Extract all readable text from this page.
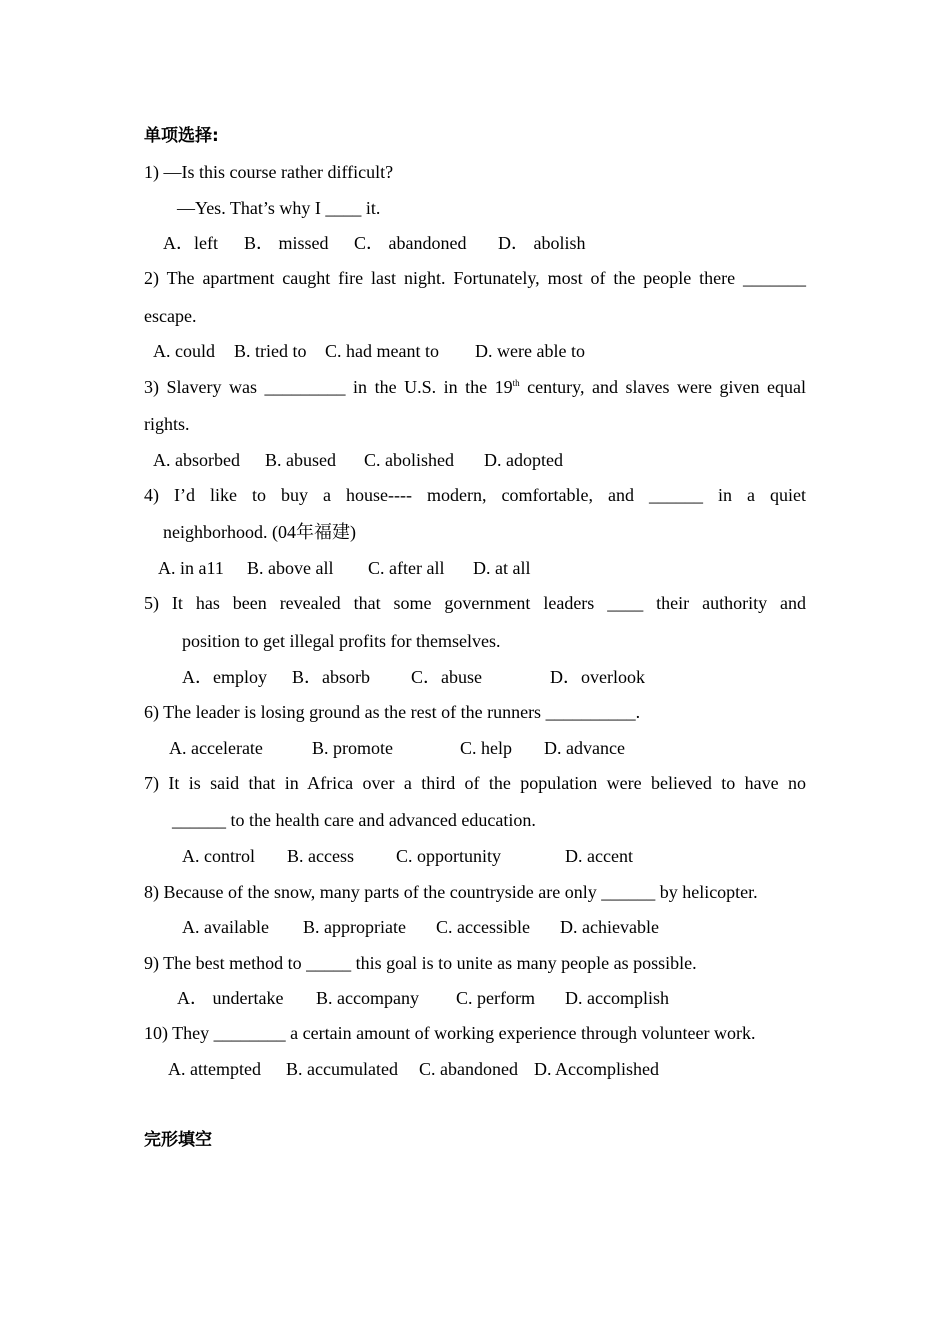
单项选择:
1) —Is this course rather difficult?
—Yes. That’s why I ____ it.
A．left B． missed C． abandoned D． abolish
2) The apartment caught fire last night. Fortunately, most of the people there _______
escape.
A. could B. tried to C. had meant to D. were able to
3) Slavery was _________ in the U.S. in the 19th century, and slaves were given equal
rights.
A. absorbed B. abused C. abolished D. adopted
4) I’d like to buy a house---- modern, comfortable, and ______ in a quiet
neighborhood. (04年福建)
A. in a11 B. above all C. after all D. at all
5) It has been revealed that some government leaders ____ their authority and
position to get illegal profits for themselves.
A．employ B．absorb C．abuse	D．overlook
6) The leader is losing ground as the rest of the runners __________.
A. accelerate	B. promote	C. help D. advance
7) It is said that in Africa over a third of the population were believed to have no
______ to the health care and advanced education.
A. control B. access C. opportunity	D. accent
8) Because of the snow, many parts of the countryside are only ______ by helicopter.
A. available B. appropriate C. accessible D. achievable
9) The best method to _____ this goal is to unite as many people as possible.
A． undertake B. accompany C. perform D. accomplish
10) They ________ a certain amount of working experience through volunteer work.
A. attempted B. accumulated C. abandoned D. Accomplished
完形填空
